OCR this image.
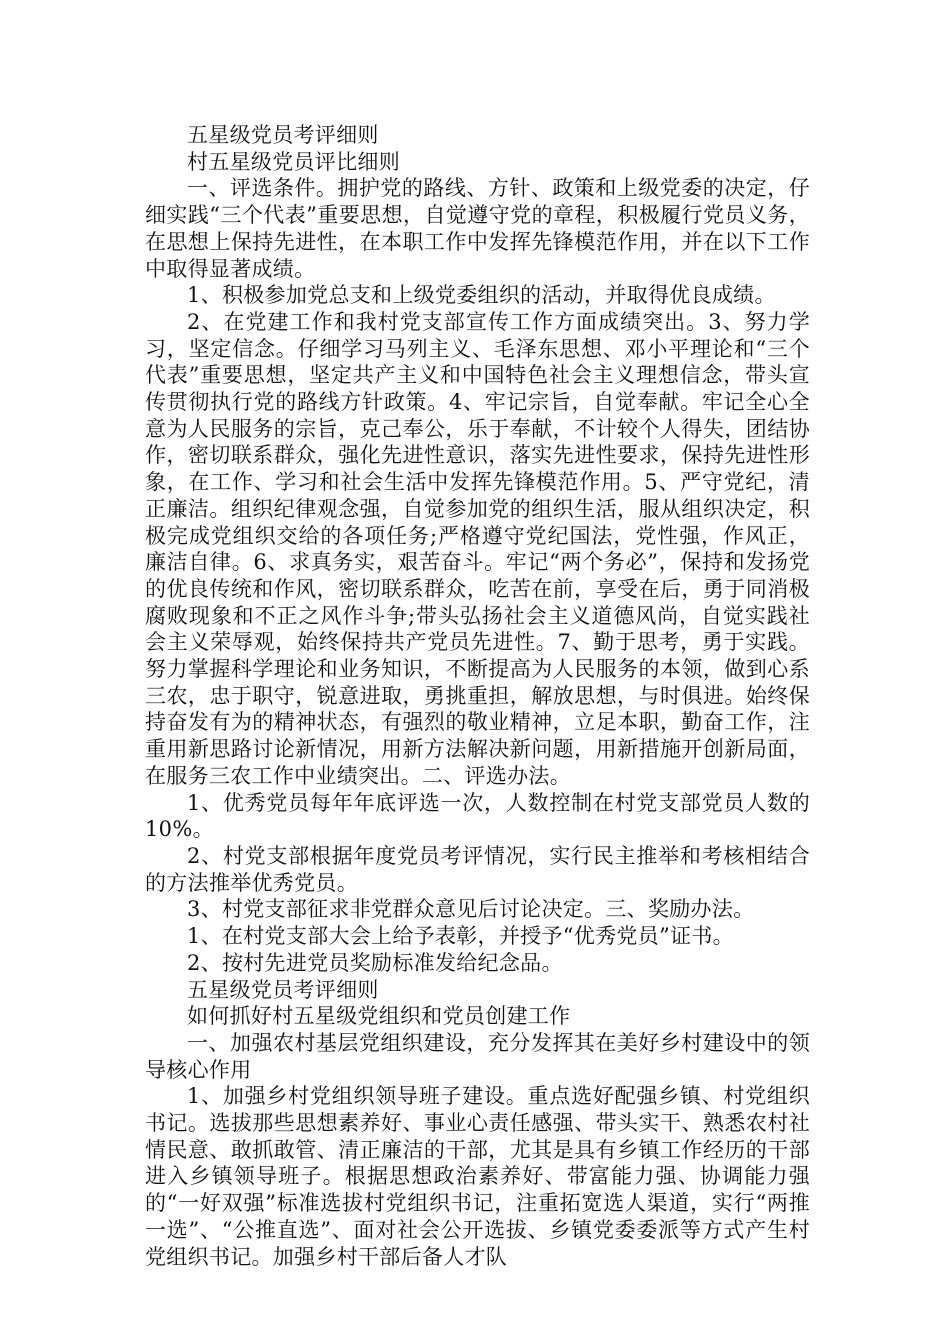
五星级党员考评细则

村五星级党员评比细则

一、评选条件。拥护党的路线、方针、政策和上级党委的决定，仔细实践“三个代表”重要思想，自觉遵守党的章程，积极履行党员义务，在思想上保持先进性，在本职工作中发挥先锋模范作用，并在以下工作中取得显著成绩。

1、积极参加党总支和上级党委组织的活动，并取得优良成绩。

2、在党建工作和我村党支部宣传工作方面成绩突出。3、努力学习，坚定信念。仔细学习马列主义、毛泽东思想、邓小平理论和“三个代表”重要思想，坚定共产主义和中国特色社会主义理想信念，带头宣传贯彻执行党的路线方针政策。4、牢记宗旨，自觉奉献。牢记全心全意为人民服务的宗旨，克己奉公，乐于奉献，不计较个人得失，团结协作，密切联系群众，强化先进性意识，落实先进性要求，保持先进性形象，在工作、学习和社会生活中发挥先锋模范作用。5、严守党纪，清正廉洁。组织纪律观念强，自觉参加党的组织生活，服从组织决定，积极完成党组织交给的各项任务;严格遵守党纪国法，党性强，作风正，廉洁自律。6、求真务实，艰苦奋斗。牢记“两个务必”，保持和发扬党的优良传统和作风，密切联系群众，吃苦在前，享受在后，勇于同消极腐败现象和不正之风作斗争;带头弘扬社会主义道德风尚，自觉实践社会主义荣辱观，始终保持共产党员先进性。7、勤于思考，勇于实践。努力掌握科学理论和业务知识，不断提高为人民服务的本领，做到心系三农，忠于职守，锐意进取，勇挑重担，解放思想，与时俱进。始终保持奋发有为的精神状态，有强烈的敬业精神，立足本职，勤奋工作，注重用新思路讨论新情况，用新方法解决新问题，用新措施开创新局面，在服务三农工作中业绩突出。二、评选办法。

1、优秀党员每年年底评选一次，人数控制在村党支部党员人数的10%。

2、村党支部根据年度党员考评情况，实行民主推举和考核相结合的方法推举优秀党员。

3、村党支部征求非党群众意见后讨论决定。三、奖励办法。

1、在村党支部大会上给予表彰，并授予“优秀党员”证书。

2、按村先进党员奖励标准发给纪念品。

五星级党员考评细则

如何抓好村五星级党组织和党员创建工作

一、加强农村基层党组织建设，充分发挥其在美好乡村建设中的领导核心作用

1、加强乡村党组织领导班子建设。重点选好配强乡镇、村党组织书记。选拔那些思想素养好、事业心责任感强、带头实干、熟悉农村社情民意、敢抓敢管、清正廉洁的干部，尤其是具有乡镇工作经历的干部进入乡镇领导班子。根据思想政治素养好、带富能力强、协调能力强的“一好双强”标准选拔村党组织书记，注重拓宽选人渠道，实行“两推一选”、“公推直选”、面对社会公开选拔、乡镇党委委派等方式产生村党组织书记。加强乡村干部后备人才队
